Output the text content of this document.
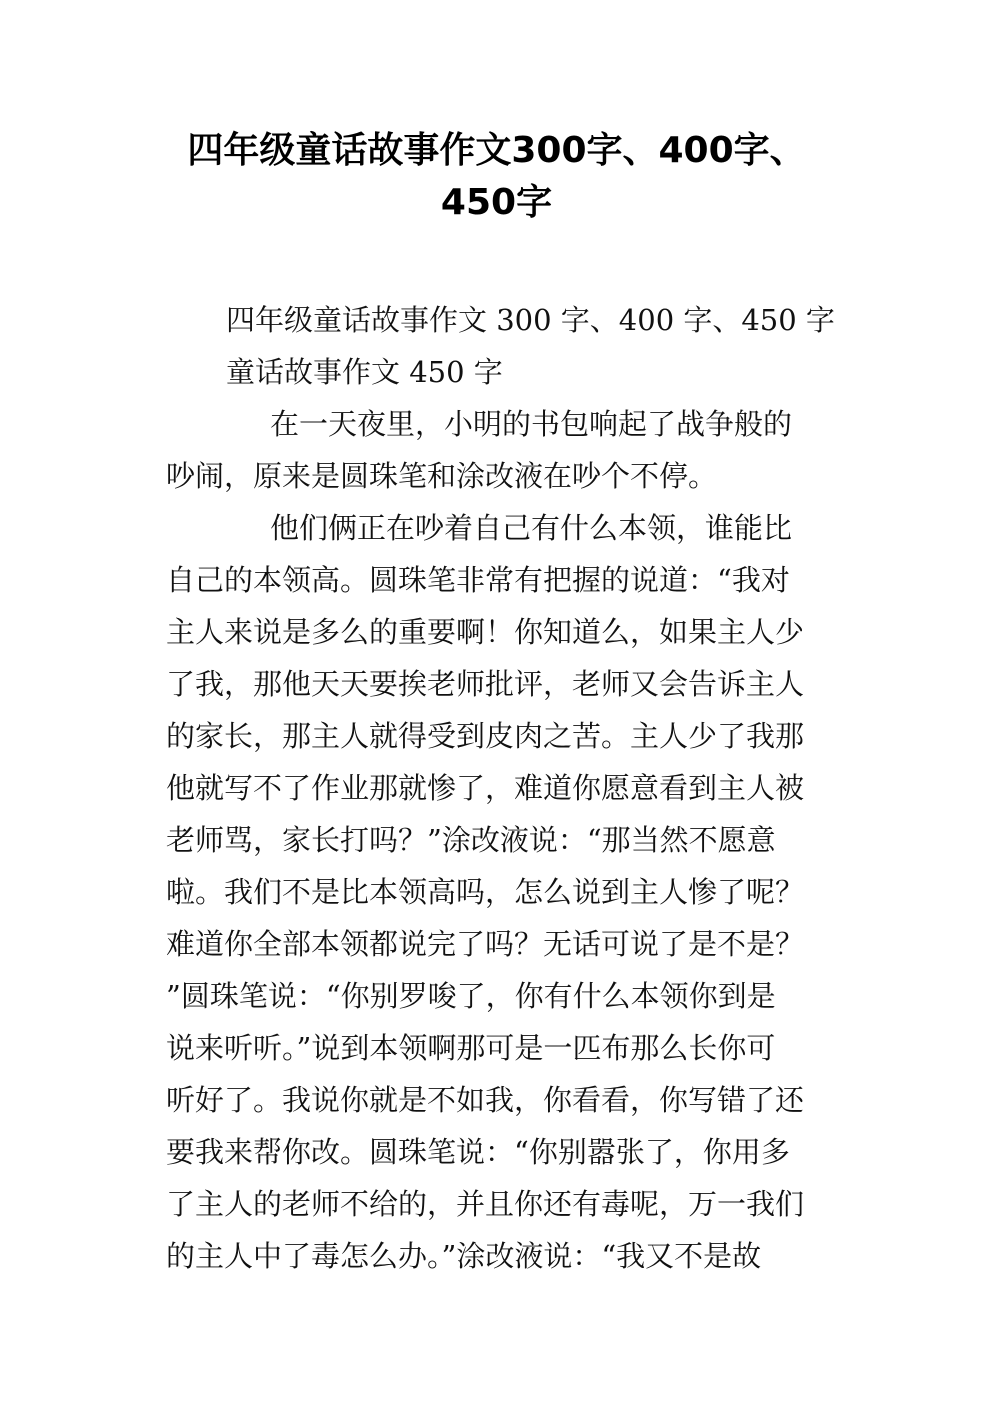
四年级童话故事作文300字、400字、
450字

四年级童话故事作文 300 字、400 字、450 字

童话故事作文 450 字

在一天夜里，小明的书包响起了战争般的

吵闹，原来是圆珠笔和涂改液在吵个不停。

他们俩正在吵着自己有什么本领，谁能比

自己的本领高。圆珠笔非常有把握的说道：“我对

主人来说是多么的重要啊！你知道么，如果主人少

了我，那他天天要挨老师批评，老师又会告诉主人

的家长，那主人就得受到皮肉之苦。主人少了我那

他就写不了作业那就惨了，难道你愿意看到主人被

老师骂，家长打吗？”涂改液说：“那当然不愿意

啦。我们不是比本领高吗，怎么说到主人惨了呢？

难道你全部本领都说完了吗？无话可说了是不是？

”圆珠笔说：“你别罗唆了，你有什么本领你到是

说来听听。”说到本领啊那可是一匹布那么长你可

听好了。我说你就是不如我，你看看，你写错了还

要我来帮你改。圆珠笔说：“你别嚣张了，你用多

了主人的老师不给的，并且你还有毒呢，万一我们

的主人中了毒怎么办。”涂改液说：“我又不是故
